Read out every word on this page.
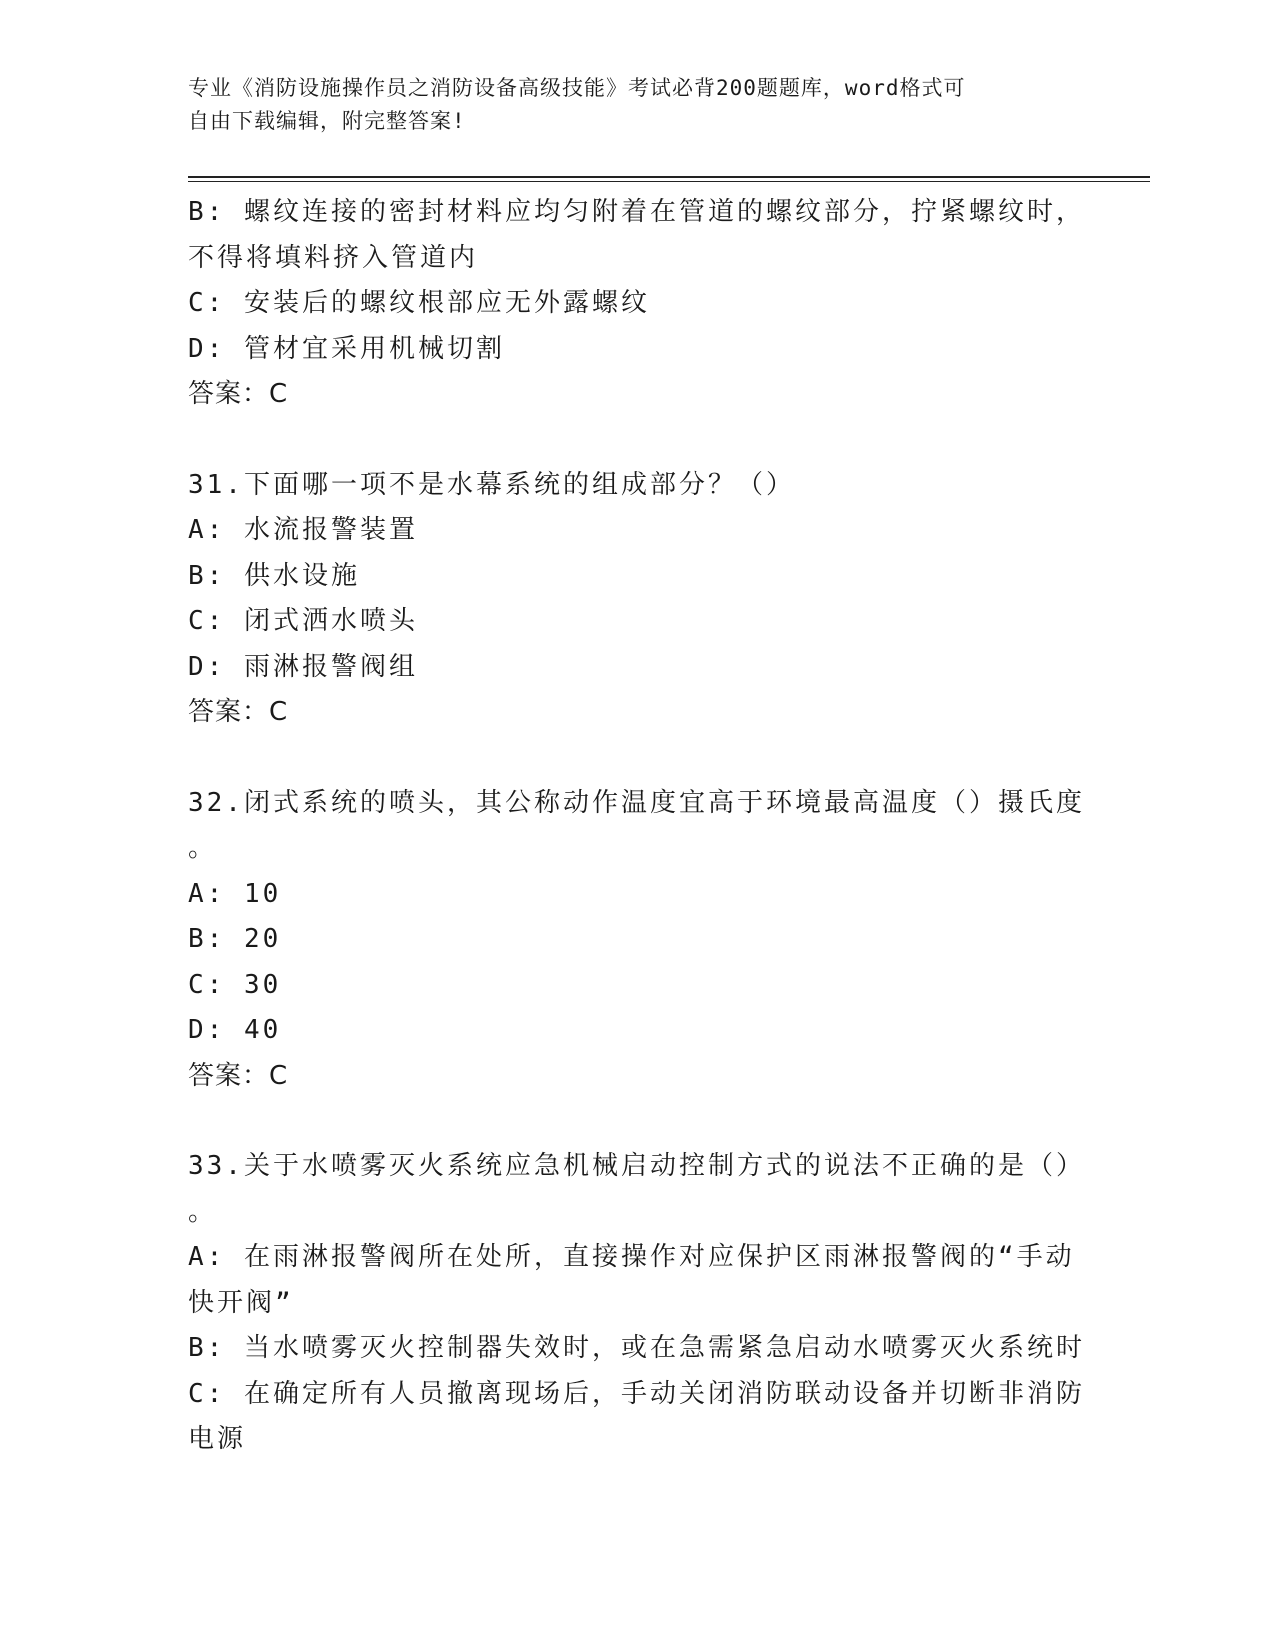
专业《消防设施操作员之消防设备高级技能》考试必背200题题库，word格式可
自由下载编辑，附完整答案!
B: 螺纹连接的密封材料应均匀附着在管道的螺纹部分，拧紧螺纹时，
不得将填料挤入管道内
C: 安装后的螺纹根部应无外露螺纹
D: 管材宜采用机械切割
答案：C
31.下面哪一项不是水幕系统的组成部分？（）
A: 水流报警装置
B: 供水设施
C: 闭式洒水喷头
D: 雨淋报警阀组
答案：C
32.闭式系统的喷头，其公称动作温度宜高于环境最高温度（）摄氏度
。
A: 10
B: 20
C: 30
D: 40
答案：C
33.关于水喷雾灭火系统应急机械启动控制方式的说法不正确的是（）
。
A: 在雨淋报警阀所在处所，直接操作对应保护区雨淋报警阀的“手动
快开阀”
B: 当水喷雾灭火控制器失效时，或在急需紧急启动水喷雾灭火系统时
C: 在确定所有人员撤离现场后，手动关闭消防联动设备并切断非消防
电源
